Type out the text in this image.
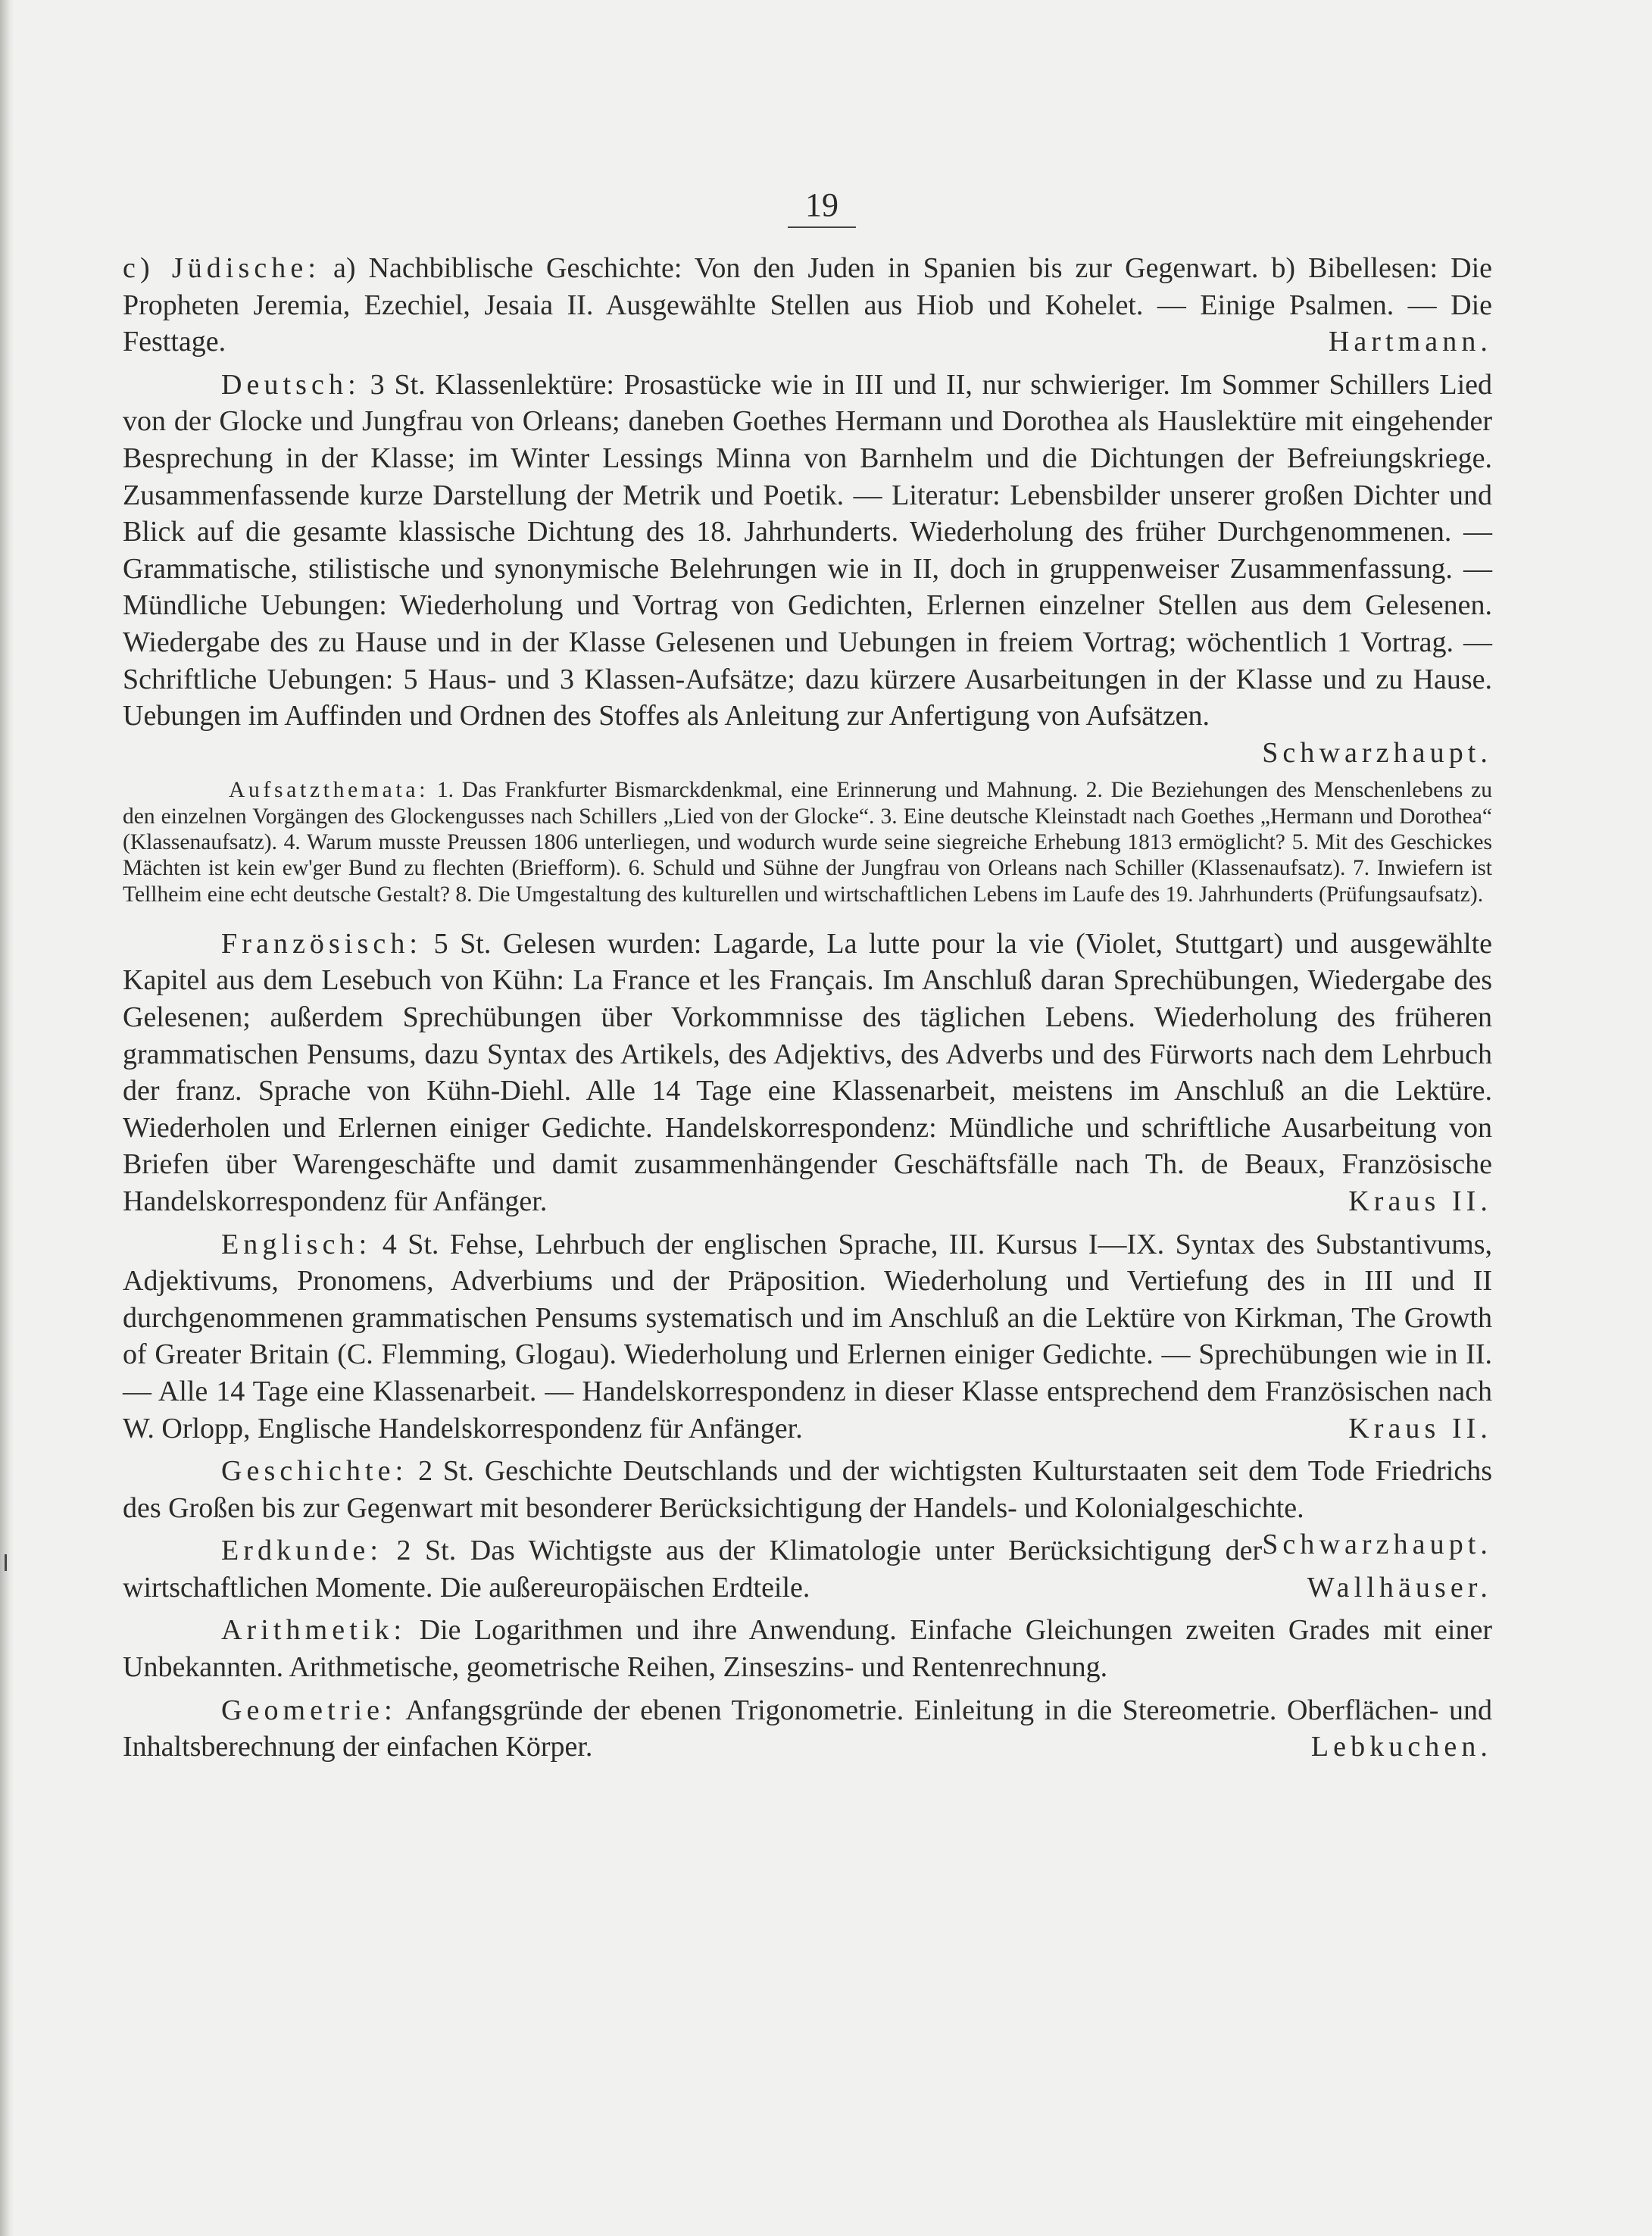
19

c) Jüdische: a) Nachbiblische Geschichte: Von den Juden in Spanien bis zur Gegenwart. b) Bibellesen: Die Propheten Jeremia, Ezechiel, Jesaia II. Ausgewählte Stellen aus Hiob und Kohelet. — Einige Psalmen. — Die Festtage.	Hartmann.

Deutsch: 3 St. Klassenlektüre: Prosastücke wie in III und II, nur schwieriger. Im Sommer Schillers Lied von der Glocke und Jungfrau von Orleans; daneben Goethes Hermann und Dorothea als Hauslektüre mit eingehender Besprechung in der Klasse; im Winter Lessings Minna von Barnhelm und die Dichtungen der Befreiungskriege. Zusammenfassende kurze Darstellung der Metrik und Poetik. — Literatur: Lebensbilder unserer großen Dichter und Blick auf die gesamte klassische Dichtung des 18. Jahrhunderts. Wiederholung des früher Durchgenommenen. — Grammatische, stilistische und synonymische Belehrungen wie in II, doch in gruppenweiser Zusammenfassung. — Mündliche Uebungen: Wiederholung und Vortrag von Gedichten, Erlernen einzelner Stellen aus dem Gelesenen. Wiedergabe des zu Hause und in der Klasse Gelesenen und Uebungen in freiem Vortrag; wöchentlich 1 Vortrag. — Schriftliche Uebungen: 5 Haus- und 3 Klassen-Aufsätze; dazu kürzere Ausarbeitungen in der Klasse und zu Hause. Uebungen im Auffinden und Ordnen des Stoffes als Anleitung zur Anfertigung von Aufsätzen.
Schwarzhaupt.

Aufsatzthemata: 1. Das Frankfurter Bismarckdenkmal, eine Erinnerung und Mahnung. 2. Die Beziehungen des Menschenlebens zu den einzelnen Vorgängen des Glockengusses nach Schillers „Lied von der Glocke“. 3. Eine deutsche Kleinstadt nach Goethes „Hermann und Dorothea“ (Klassenaufsatz). 4. Warum musste Preussen 1806 unterliegen, und wodurch wurde seine siegreiche Erhebung 1813 ermöglicht? 5. Mit des Geschickes Mächten ist kein ew'ger Bund zu flechten (Briefform). 6. Schuld und Sühne der Jungfrau von Orleans nach Schiller (Klassenaufsatz). 7. Inwiefern ist Tellheim eine echt deutsche Gestalt? 8. Die Umgestaltung des kulturellen und wirtschaftlichen Lebens im Laufe des 19. Jahrhunderts (Prüfungsaufsatz).

Französisch: 5 St. Gelesen wurden: Lagarde, La lutte pour la vie (Violet, Stuttgart) und ausgewählte Kapitel aus dem Lesebuch von Kühn: La France et les Français. Im Anschluß daran Sprechübungen, Wiedergabe des Gelesenen; außerdem Sprechübungen über Vorkommnisse des täglichen Lebens. Wiederholung des früheren grammatischen Pensums, dazu Syntax des Artikels, des Adjektivs, des Adverbs und des Fürworts nach dem Lehrbuch der franz. Sprache von Kühn-Diehl. Alle 14 Tage eine Klassenarbeit, meistens im Anschluß an die Lektüre. Wiederholen und Erlernen einiger Gedichte. Handelskorrespondenz: Mündliche und schriftliche Ausarbeitung von Briefen über Warengeschäfte und damit zusammenhängender Geschäftsfälle nach Th. de Beaux, Französische Handelskorrespondenz für Anfänger.	Kraus II.

Englisch: 4 St. Fehse, Lehrbuch der englischen Sprache, III. Kursus I—IX. Syntax des Substantivums, Adjektivums, Pronomens, Adverbiums und der Präposition. Wiederholung und Vertiefung des in III und II durchgenommenen grammatischen Pensums systematisch und im Anschluß an die Lektüre von Kirkman, The Growth of Greater Britain (C. Flemming, Glogau). Wiederholung und Erlernen einiger Gedichte. — Sprechübungen wie in II. — Alle 14 Tage eine Klassenarbeit. — Handelskorrespondenz in dieser Klasse entsprechend dem Französischen nach W. Orlopp, Englische Handelskorrespondenz für Anfänger.	Kraus II.

Geschichte: 2 St. Geschichte Deutschlands und der wichtigsten Kulturstaaten seit dem Tode Friedrichs des Großen bis zur Gegenwart mit besonderer Berücksichtigung der Handels- und Kolonialgeschichte.
Schwarzhaupt.

Erdkunde: 2 St. Das Wichtigste aus der Klimatologie unter Berücksichtigung der wirtschaftlichen Momente. Die außereuropäischen Erdteile.	Wallhäuser.

Arithmetik: Die Logarithmen und ihre Anwendung. Einfache Gleichungen zweiten Grades mit einer Unbekannten. Arithmetische, geometrische Reihen, Zinseszins- und Rentenrechnung.

Geometrie: Anfangsgründe der ebenen Trigonometrie. Einleitung in die Stereometrie. Oberflächen- und Inhaltsberechnung der einfachen Körper.	Lebkuchen.
